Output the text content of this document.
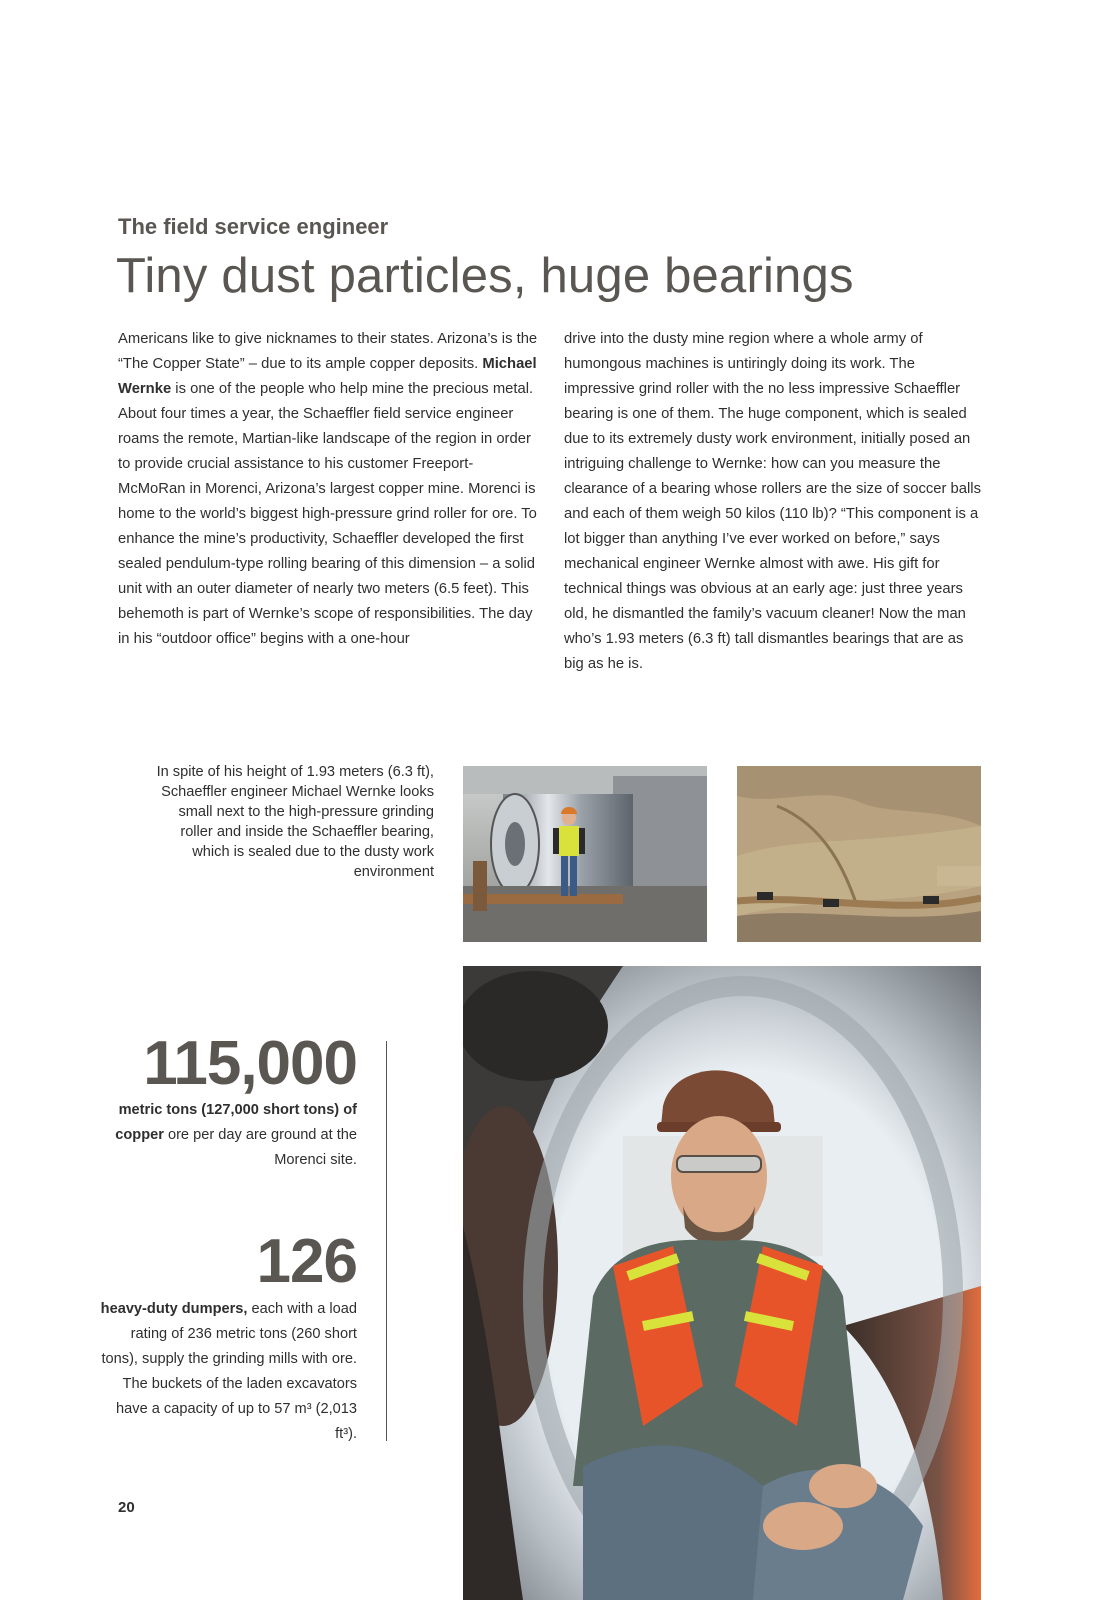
The field service engineer
Tiny dust particles, huge bearings

Americans like to give nicknames to their states. Arizona’s is the “The Copper State” – due to its ample copper deposits. Michael Wernke is one of the people who help mine the precious metal. About four times a year, the Schaeffler field service engineer roams the remote, Martian-like landscape of the region in order to provide crucial assistance to his customer Freeport-McMoRan in Morenci, Arizona’s largest copper mine. Morenci is home to the world’s biggest high-pressure grind roller for ore. To enhance the mine’s productivity, Schaeffler developed the first sealed pendulum-type rolling bearing of this dimension – a solid unit with an outer diameter of nearly two meters (6.5 feet). This behemoth is part of Wernke’s scope of responsibilities. The day in his “outdoor office” begins with a one-hour

drive into the dusty mine region where a whole army of humongous machines is untiringly doing its work. The impressive grind roller with the no less impressive Schaeffler bearing is one of them. The huge component, which is sealed due to its extremely dusty work environment, initially posed an intriguing challenge to Wernke: how can you measure the clearance of a bearing whose rollers are the size of soccer balls and each of them weigh 50 kilos (110 lb)? “This component is a lot bigger than anything I’ve ever worked on before,” says mechanical engineer Wernke almost with awe. His gift for technical things was obvious at an early age: just three years old, he dismantled the family’s vacuum cleaner! Now the man who’s 1.93 meters (6.3 ft) tall dismantles bearings that are as big as he is.

In spite of his height of 1.93 meters (6.3 ft), Schaeffler engineer Michael Wernke looks small next to the high-pressure grinding roller and inside the Schaeffler bearing, which is sealed due to the dusty work environment
115,000
metric tons (127,000 short tons) of copper ore per day are ground at the Morenci site.
126
heavy-duty dumpers, each with a load rating of 236 metric tons (260 short tons), supply the grinding mills with ore. The buckets of the laden excavators have a capacity of up to 57 m³ (2,013 ft³).
20
